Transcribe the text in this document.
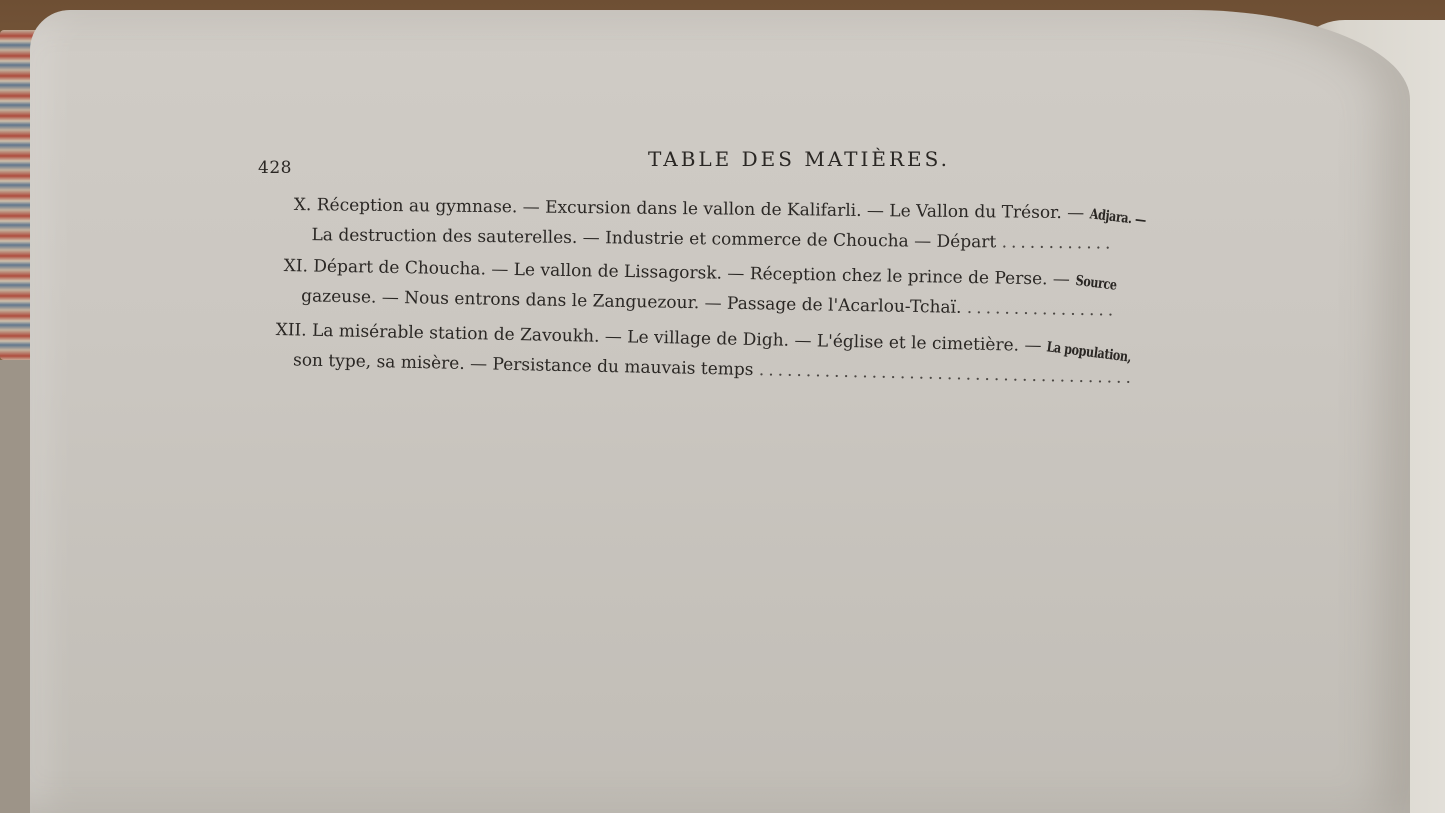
428	TABLE DES MATIÈRES.
X. Réception au gymnase. — Excursion dans le vallon de Kalifarli. — Le Vallon du Trésor. — Adjara. —
La destruction des sauterelles. — Industrie et commerce de Choucha — Départ ............
XI. Départ de Choucha. — Le vallon de Lissagorsk. — Réception chez le prince de Perse. — Source
gazeuse. — Nous entrons dans le Zanguezour. — Passage de l'Acarlou-Tchaï. ................
XII. La misérable station de Zavoukh. — Le village de Digh. — L'église et le cimetière. — La population,
son type, sa misère. — Persistance du mauvais temps ........................................
